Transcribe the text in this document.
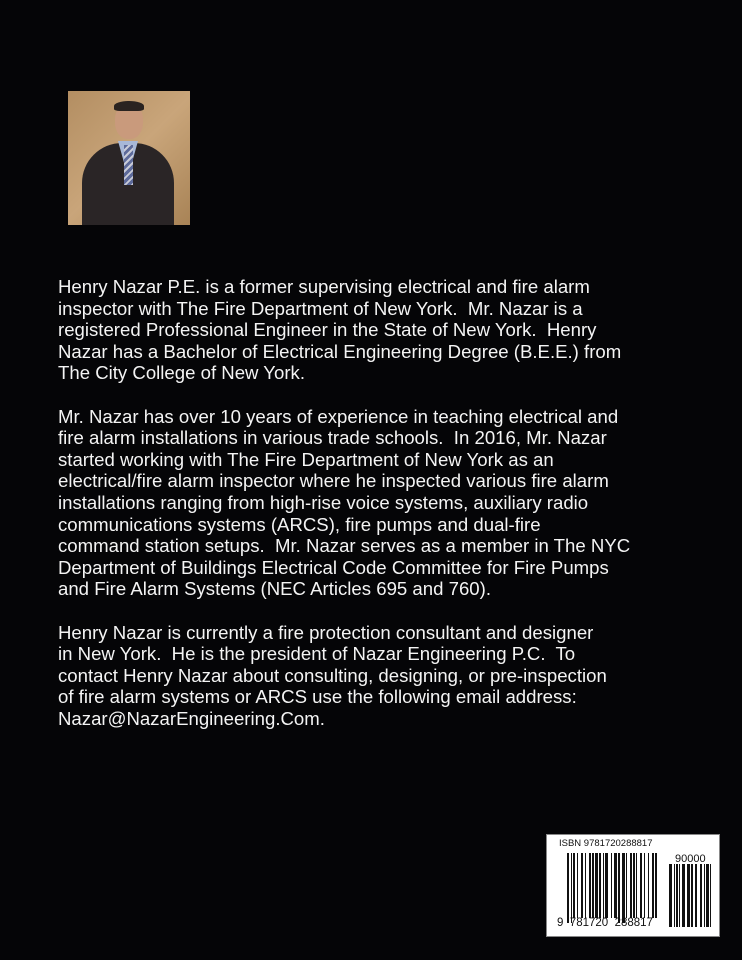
Henry Nazar P.E. is a former supervising electrical and fire alarm
inspector with The Fire Department of New York.  Mr. Nazar is a
registered Professional Engineer in the State of New York.  Henry
Nazar has a Bachelor of Electrical Engineering Degree (B.E.E.) from
The City College of New York.
Mr. Nazar has over 10 years of experience in teaching electrical and
fire alarm installations in various trade schools.  In 2016, Mr. Nazar
started working with The Fire Department of New York as an
electrical/fire alarm inspector where he inspected various fire alarm
installations ranging from high-rise voice systems, auxiliary radio
communications systems (ARCS), fire pumps and dual-fire
command station setups.  Mr. Nazar serves as a member in The NYC
Department of Buildings Electrical Code Committee for Fire Pumps
and Fire Alarm Systems (NEC Articles 695 and 760).
Henry Nazar is currently a fire protection consultant and designer
in New York.  He is the president of Nazar Engineering P.C.  To
contact Henry Nazar about consulting, designing, or pre-inspection
of fire alarm systems or ARCS use the following email address:
Nazar@NazarEngineering.Com.
ISBN 9781720288817
90000
9 781720 288817
